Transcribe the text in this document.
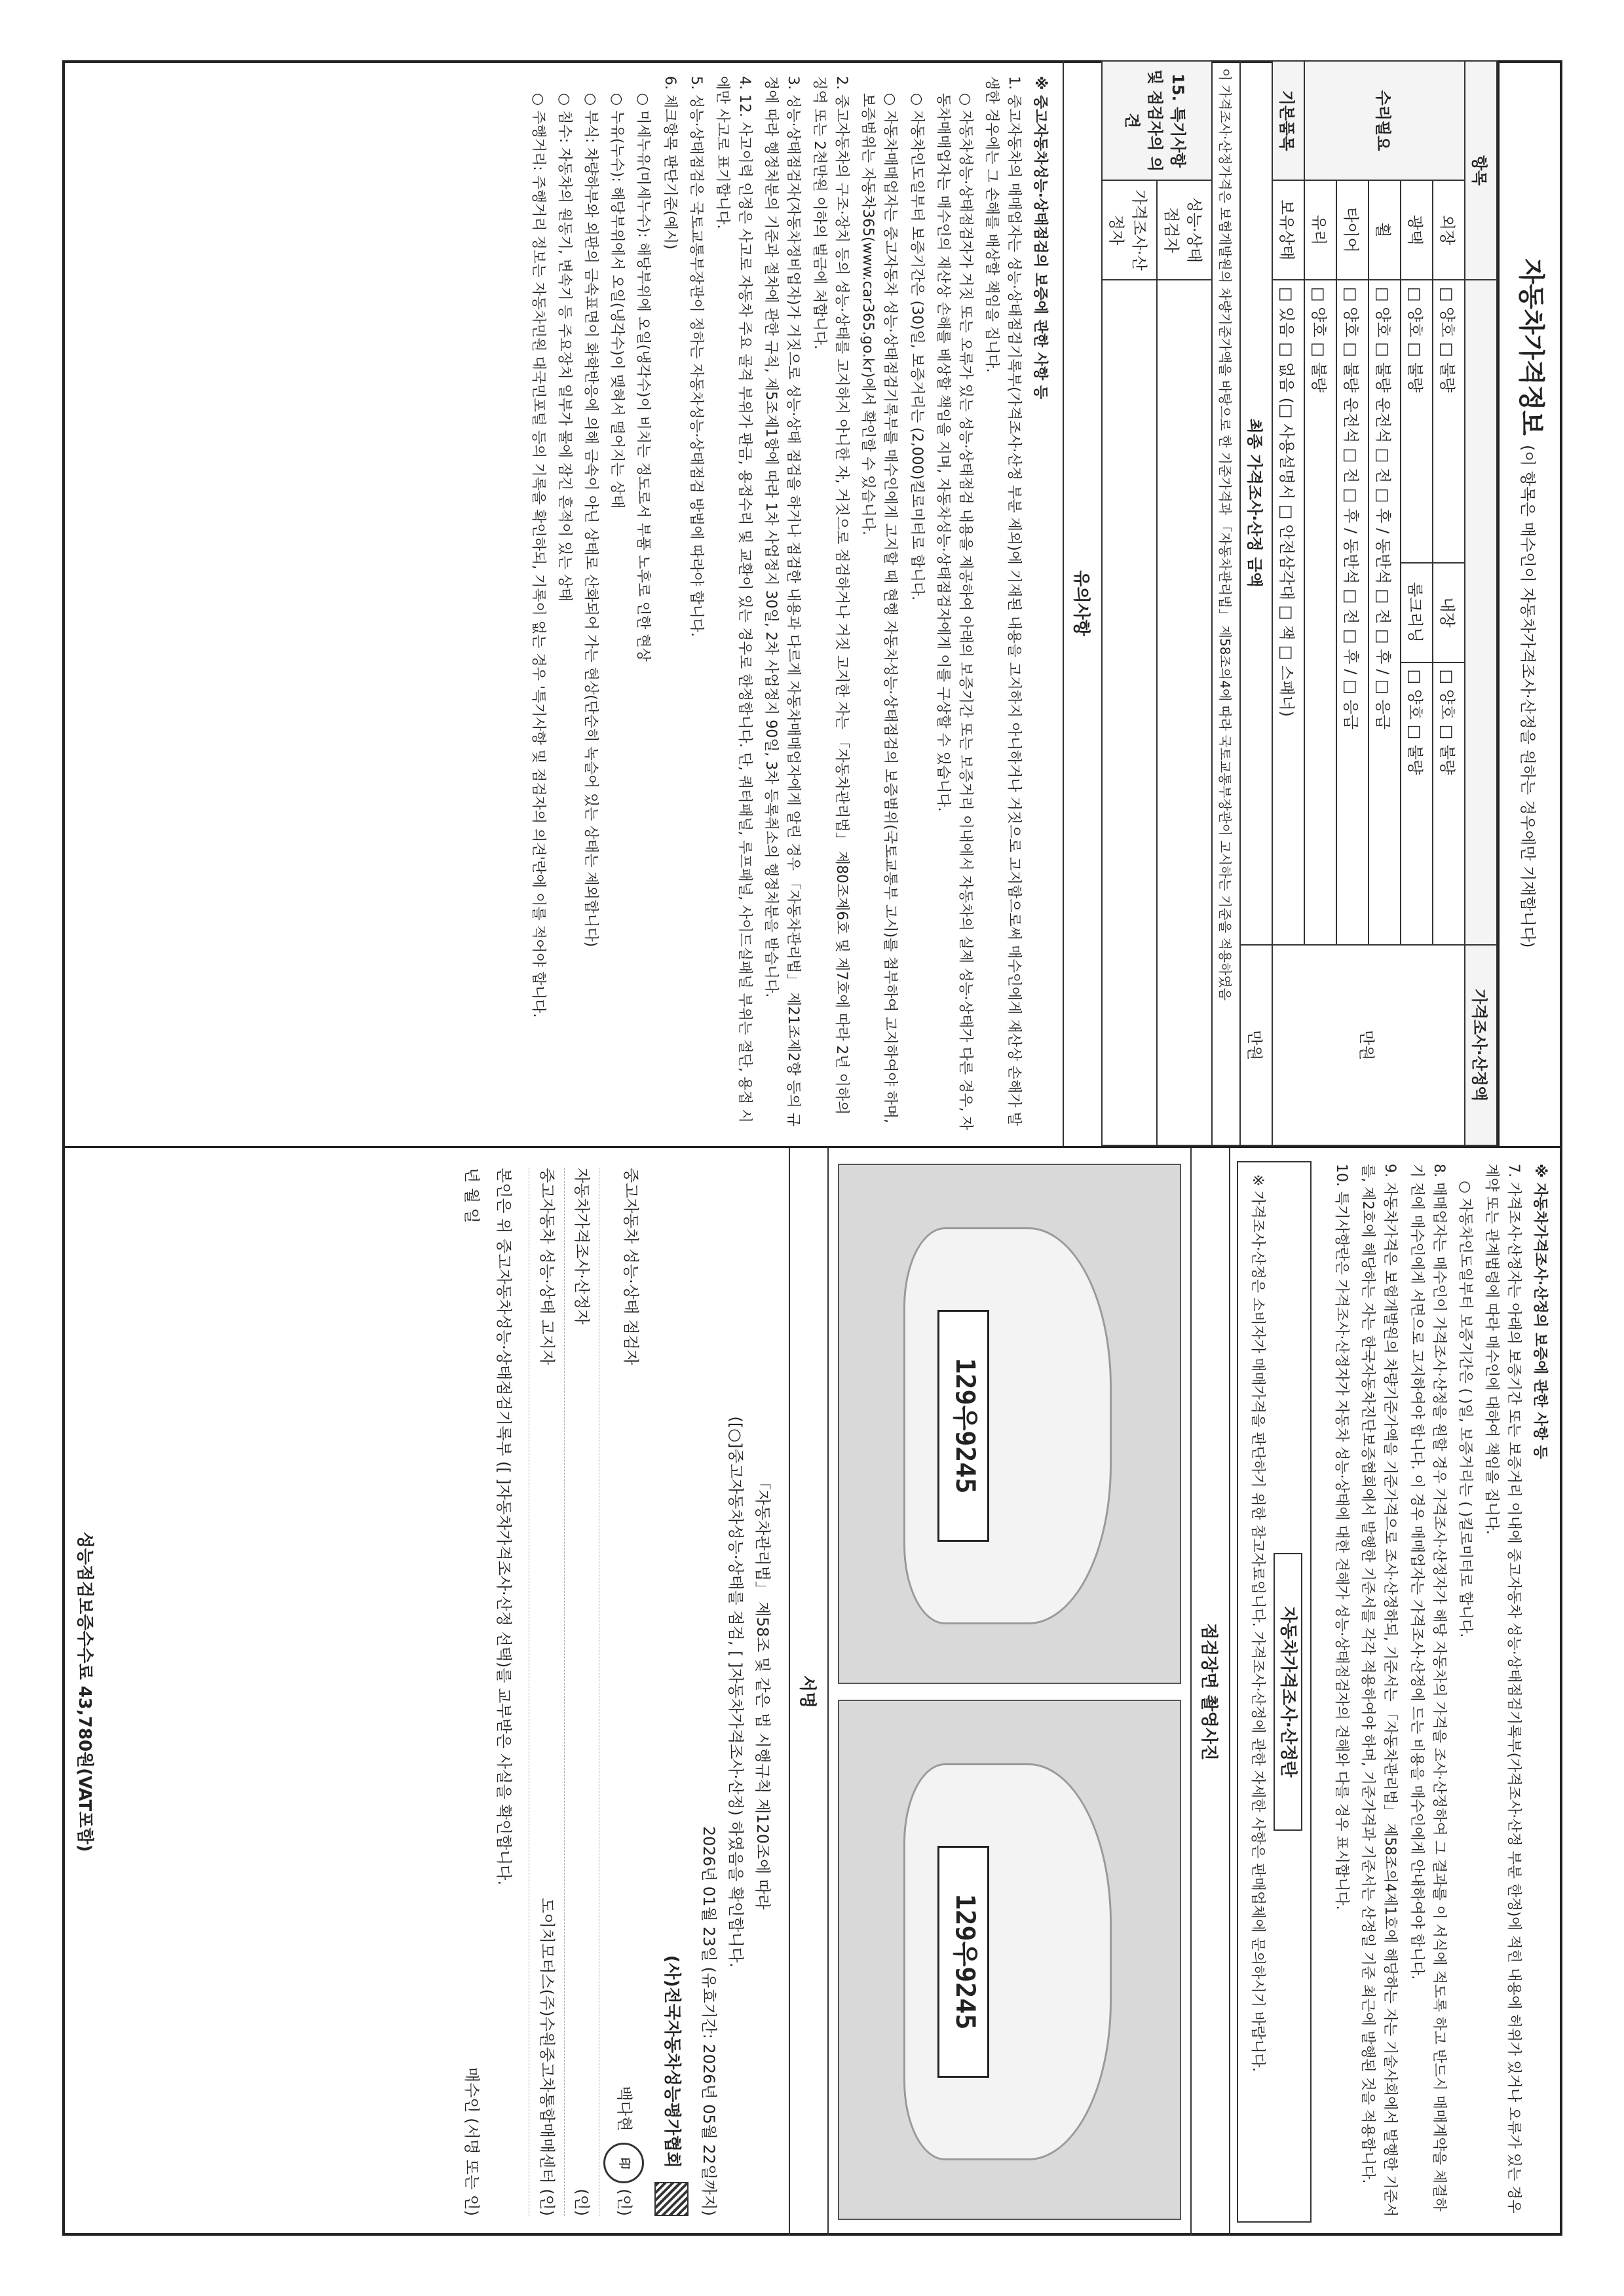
자동차가격정보 (이 항목은 매수인이 자동차가격조사·산정을 원하는 경우에만 기재합니다)
항목					가격조사·산정액
수리필요	외장	□ 양호 □ 불량	내장	□ 양호 □ 불량	만원
	광택	□ 양호 □ 불량	룸크리닝	□ 양호 □ 불량	
	휠	□ 양호 □ 불량 운전석 □ 전 □ 후 / 동반석 □ 전 □ 후 / □ 응급			
	타이어	□ 양호 □ 불량 운전석 □ 전 □ 후 / 동반석 □ 전 □ 후 / □ 응급			
	유리	□ 양호 □ 불량			
기본품목	보유상태	□ 있음 □ 없음 (□ 사용설명서 □ 안전삼각대 □ 잭 □ 스패너)			
최종 가격조사·산정 금액					만원
이 가격조사·산정가격은 보험개발원의 차량기준가액을 바탕으로 한 기준가격과 「자동차관리법」 제58조의4에 따라 국토교통부장관이 고시하는 기준을 적용하였음					
15. 특기사항 및 점검자의 의견	성능·상태 점검자				
	가격조사·산정자				
유의사항

※ 중고자동차성능·상태점검의 보증에 관한 사항 등

1. 중고자동차의 매매업자는 성능·상태점검기록부(가격조사·산정 부분 제외)에 기재된 내용을 고지하지 아니하거나 거짓으로 고지함으로써 매수인에게 재산상 손해가 발생한 경우에는 그 손해를 배상할 책임을 집니다.

○ 자동차성능·상태점검자가 거짓 또는 오류가 있는 성능·상태점검 내용을 제공하여 아래의 보증기간 또는 보증거리 이내에서 자동차의 실제 성능·상태가 다른 경우, 자동차매매업자는 매수인의 재산상 손해를 배상할 책임을 지며, 자동차성능·상태점검자에게 이를 구상할 수 있습니다.

○ 자동차인도일부터 보증기간은 (30)일, 보증거리는 (2,000)킬로미터로 합니다.

○ 자동차매매업자는 중고자동차 성능·상태점검기록부를 매수인에게 고지할 때 현행 자동차성능·상태점검의 보증범위(국토교통부 고시)를 첨부하여 고지하여야 하며, 보증범위는 자동차365(www.car365.go.kr)에서 확인할 수 있습니다.

2. 중고자동차의 구조·장치 등의 성능·상태를 고지하지 아니한 자, 거짓으로 점검하거나 거짓 고지한 자는 「자동차관리법」 제80조제6호 및 제7호에 따라 2년 이하의 징역 또는 2천만원 이하의 벌금에 처합니다.

3. 성능·상태점검자(자동차정비업자)가 거짓으로 성능·상태 점검을 하거나 점검한 내용과 다르게 자동차매매업자에게 알린 경우 「자동차관리법」 제21조제2항 등의 규정에 따라 행정처분의 기준과 절차에 관한 규칙, 제5조제1항에 따라 1차 사업정지 30일, 2차 사업정지 90일, 3차 등록취소의 행정처분을 받습니다.

4. 12. 사고이력 인정은 사고로 자동차 주요 골격 부위가 판금, 용접수리 및 교환이 있는 경우로 한정합니다. 단, 쿼터패널, 루프패널, 사이드실패널 부위는 절단, 용접 시에만 사고로 표기합니다.

5. 성능·상태점검은 국토교통부장관이 정하는 자동차성능·상태점검 방법에 따라야 합니다.

6. 체크항목 판단기준(예시)

○ 미세누유(미세누수): 해당부위에 오일(냉각수)이 비치는 정도로서 부품 노후로 인한 현상

○ 누유(누수): 해당부위에서 오일(냉각수)이 맺혀서 떨어지는 상태

○ 부식: 차량하부와 외판의 금속표면이 화학반응에 의해 금속이 아닌 상태로 산화되어 가는 현상(단순히 녹슬어 있는 상태는 제외합니다)

○ 침수: 자동차의 원동기, 변속기 등 주요장치 일부가 물에 잠긴 흔적이 있는 상태

○ 주행거리: 주행거리 정보는 자동차민원 대국민포털 등의 기록을 확인하되, 기록이 없는 경우 '특기사항 및 점검자의 의견'란에 이를 적어야 합니다.

※ 자동차가격조사·산정의 보증에 관한 사항 등

7. 가격조사·산정자는 아래의 보증기간 또는 보증거리 이내에 중고자동차 성능·상태점검기록부(가격조사·산정 부분 한정)에 적힌 내용에 허위가 있거나 오류가 있는 경우 계약 또는 관계법령에 따라 매수인에 대하여 책임을 집니다.

○ 자동차인도일부터 보증기간은 ( )일, 보증거리는 ( )킬로미터로 합니다.

8. 매매업자는 매수인이 가격조사·산정을 원할 경우 가격조사·산정자가 해당 자동차의 가격을 조사·산정하여 그 결과를 이 서식에 적도록 하고 반드시 매매계약을 체결하기 전에 매수인에게 서면으로 고지하여야 합니다. 이 경우 매매업자는 가격조사·산정에 드는 비용을 매수인에게 안내하여야 합니다.

9. 자동차가격은 보험개발원의 차량기준가액을 기준가격으로 조사·산정하되, 기준서는 「자동차관리법」 제58조의4제1호에 해당하는 자는 기술사회에서 발행한 기준서를, 제2호에 해당하는 자는 한국자동차진단보증협회에서 발행한 기준서를 각각 적용하여야 하며, 기준가격과 기준서는 산정일 기준 최근에 발행된 것을 적용합니다.

10. 특기사항란은 가격조사·산정자가 자동차 성능·상태에 대한 견해가 성능·상태점검자의 견해와 다를 경우 표시합니다.

자동차가격조사·산정란
※ 가격조사·산정은 소비자가 매매가격을 판단하기 위한 참고자료입니다. 가격조사·산정에 관한 자세한 사항은 판매업체에 문의하시기 바랍니다.
점검장면 촬영사진
129우9245
129우9245
서명
「자동차관리법」 제58조 및 같은 법 시행규칙 제120조에 따라
([○]중고자동차성능·상태를 점검, [ ]자동차가격조사·산정) 하였음을 확인합니다.
2026년 01월 23일 (유효기간: 2026년 05월 22일까지)
(사)전국자동차성능평가협회
중고자동차 성능·상태 점검자
백다현 印 (인)
자동차가격조사·산정자
(인)
중고자동차 성능·상태 고지자
도이치모터스(주)수원중고차통합매매센터 (인)
본인은 위 중고자동차성능·상태점검기록부 ([ ]자동차가격조사·산정 선택)를 교부받은 사실을 확인합니다.
년 월 일
매수인 (서명 또는 인)
성능점검보증수수료 43,780원(VAT포함)
